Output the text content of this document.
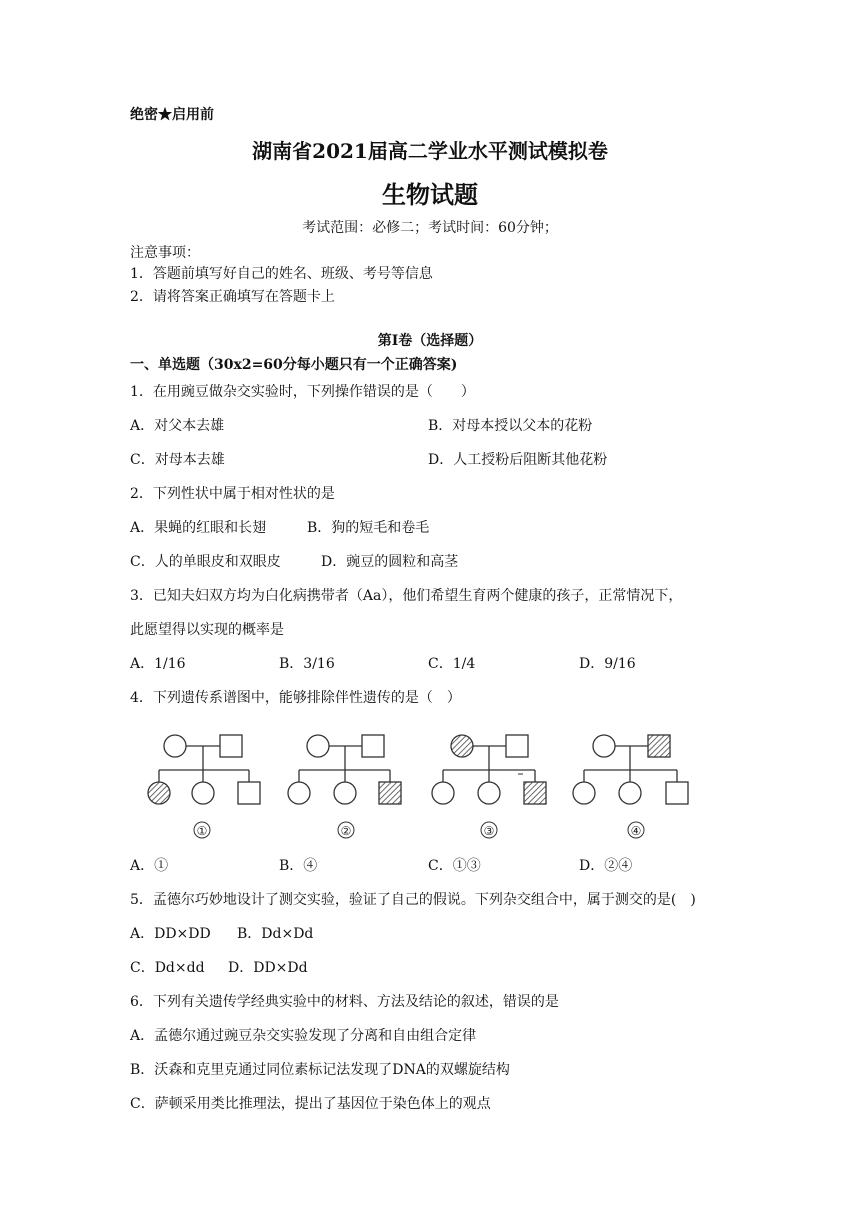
绝密★启用前
湖南省2021届高二学业水平测试模拟卷
生物试题
考试范围：必修二；考试时间：60分钟；
注意事项：
1．答题前填写好自己的姓名、班级、考号等信息
2．请将答案正确填写在答题卡上
第Ⅰ卷（选择题）
一、单选题（30x2=60分每小题只有一个正确答案)
1．在用豌豆做杂交实验时，下列操作错误的是（　　）
A．对父本去雄	B．对母本授以父本的花粉
C．对母本去雄	D．人工授粉后阻断其他花粉
2．下列性状中属于相对性状的是
A．果蝇的红眼和长翅	B．狗的短毛和卷毛
C．人的单眼皮和双眼皮	D．豌豆的圆粒和高茎
3．已知夫妇双方均为白化病携带者（Aa），他们希望生育两个健康的孩子，正常情况下，
此愿望得以实现的概率是
A．1/16	B．3/16	C．1/4	D．9/16
4．下列遗传系谱图中，能够排除伴性遗传的是（　）
①	②	③	④
A．①	B．④	C．①③	D．②④
5．孟德尔巧妙地设计了测交实验，验证了自己的假说。下列杂交组合中，属于测交的是(　)
A．DD×DD B．Dd×Dd
C．Dd×dd D．DD×Dd
6．下列有关遗传学经典实验中的材料、方法及结论的叙述，错误的是
A．孟德尔通过豌豆杂交实验发现了分离和自由组合定律
B．沃森和克里克通过同位素标记法发现了DNA的双螺旋结构
C．萨顿采用类比推理法，提出了基因位于染色体上的观点
